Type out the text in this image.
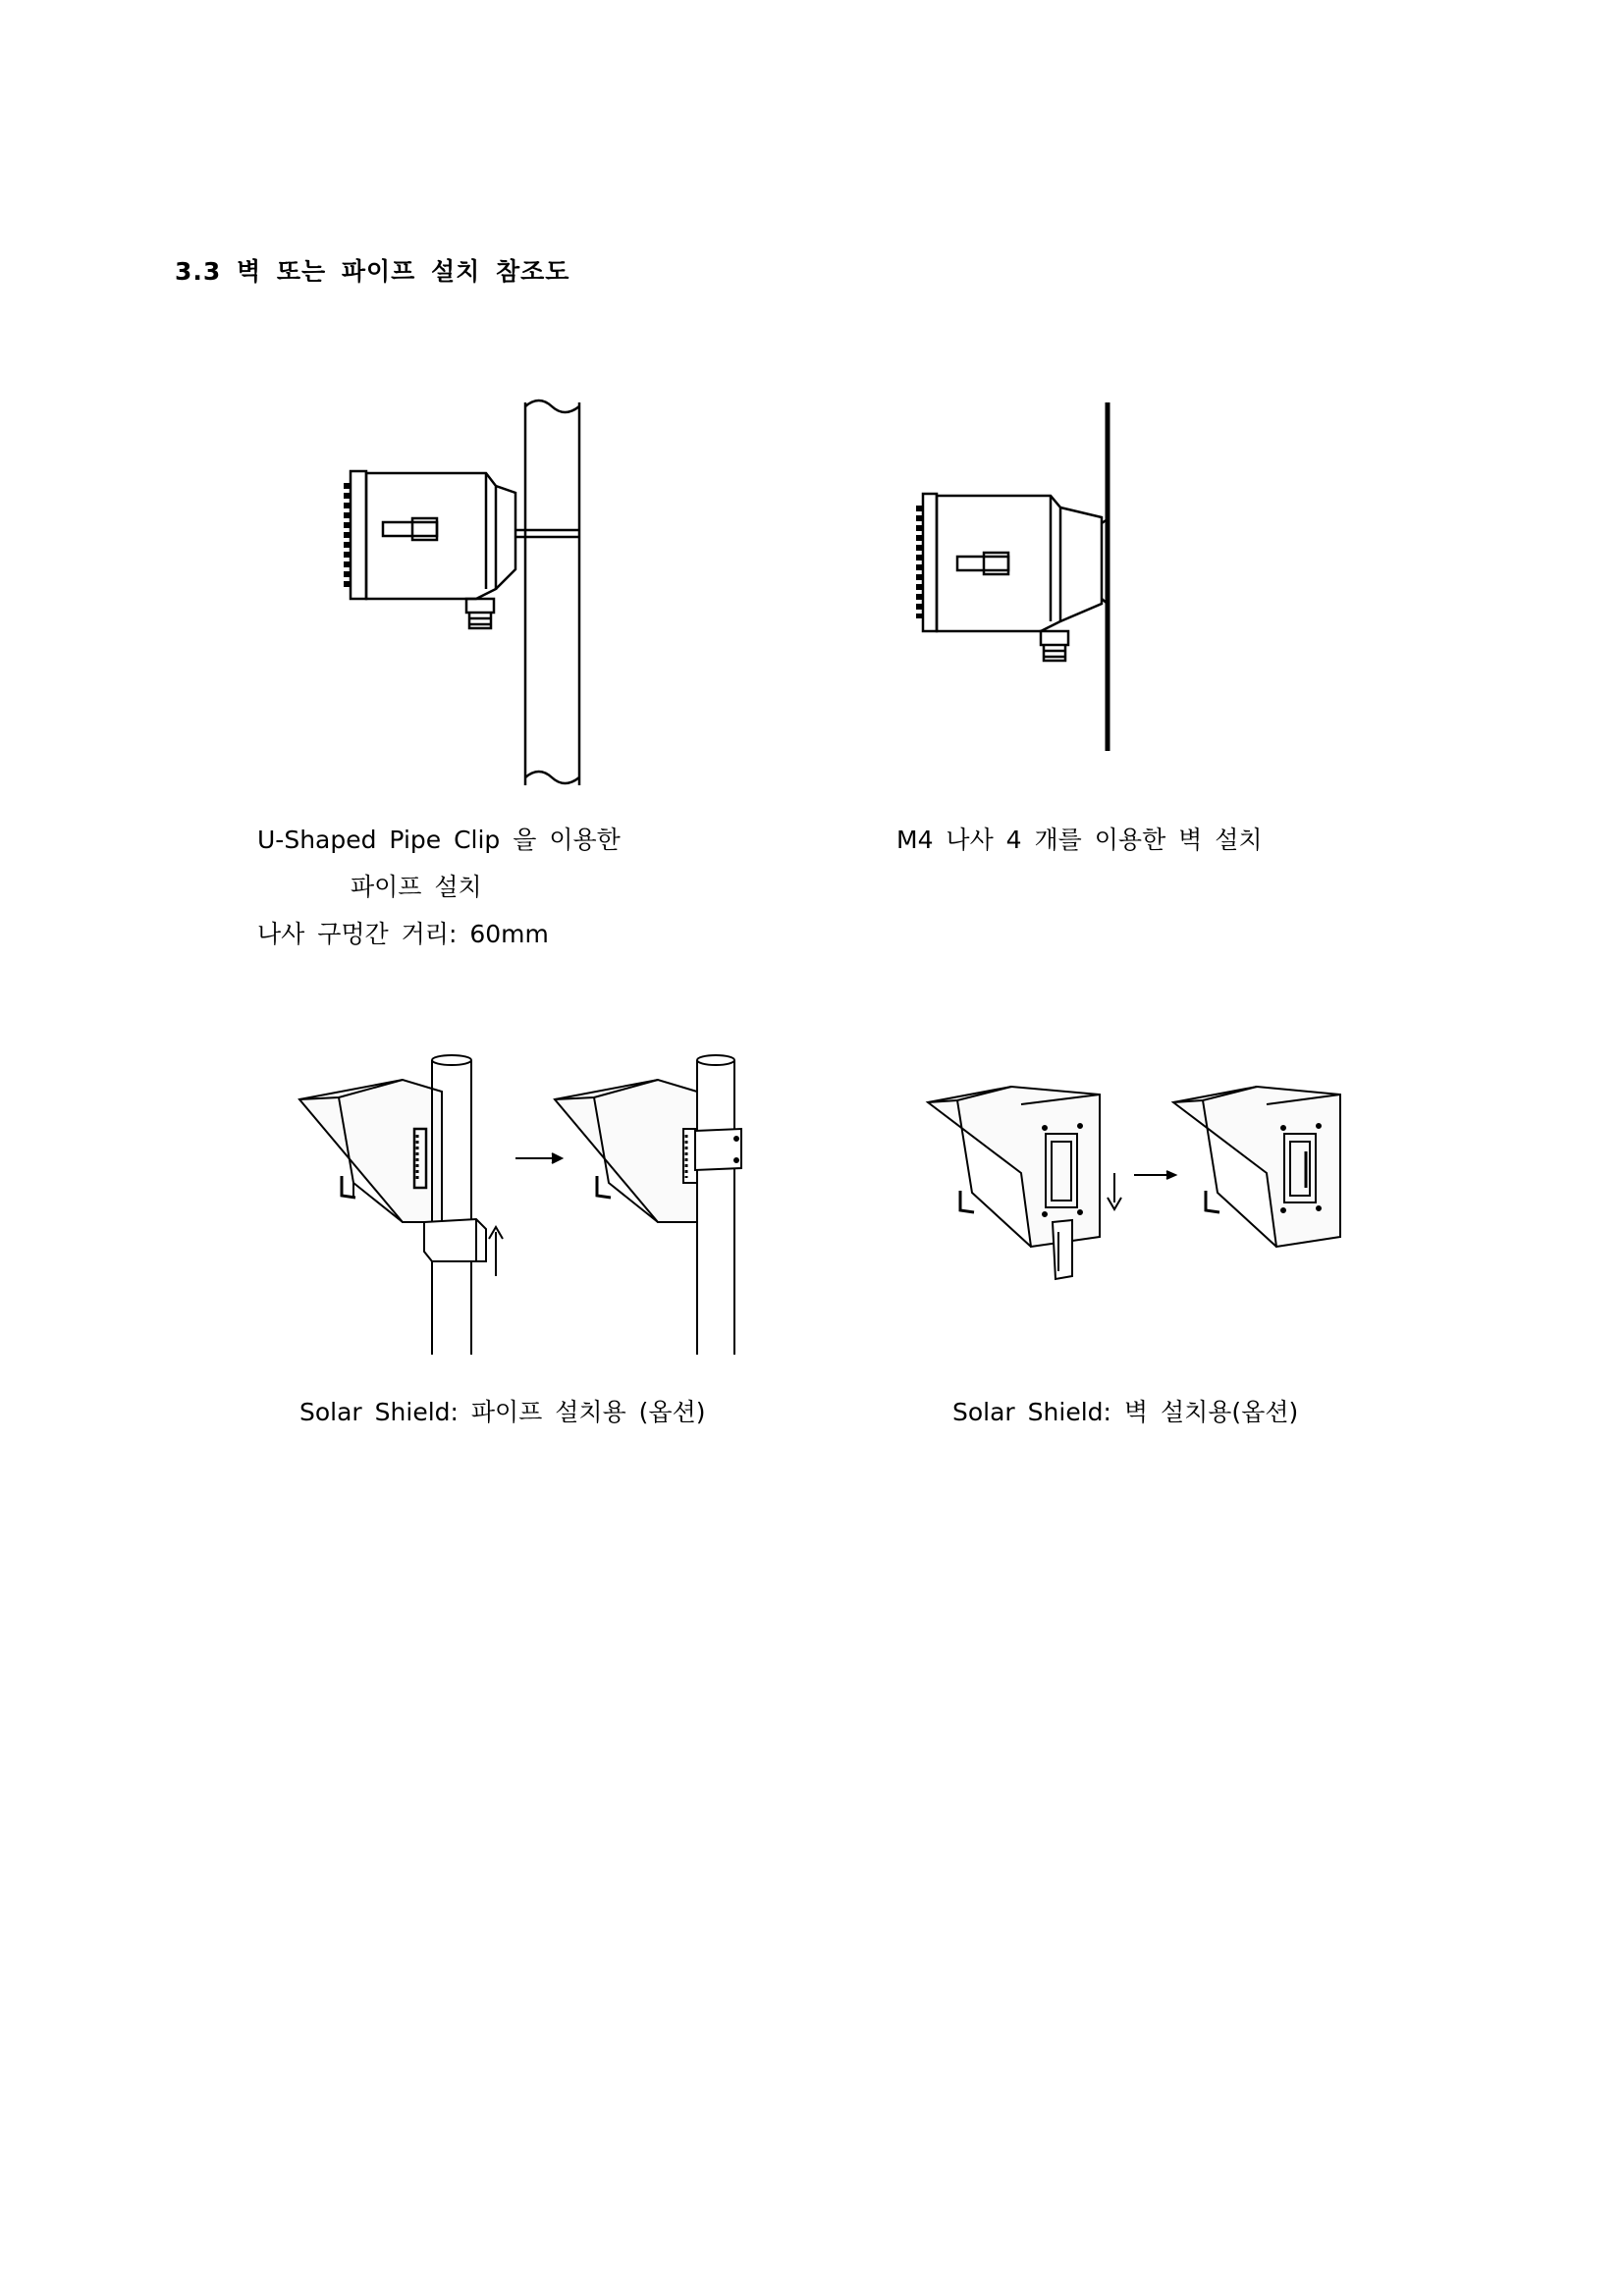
3.3 벽 또는 파이프 설치 참조도
U-Shaped Pipe Clip 을 이용한
파이프 설치
나사 구멍간 거리: 60mm
M4 나사 4 개를 이용한 벽 설치
Solar Shield: 파이프 설치용 (옵션)	Solar Shield: 벽 설치용(옵션)
